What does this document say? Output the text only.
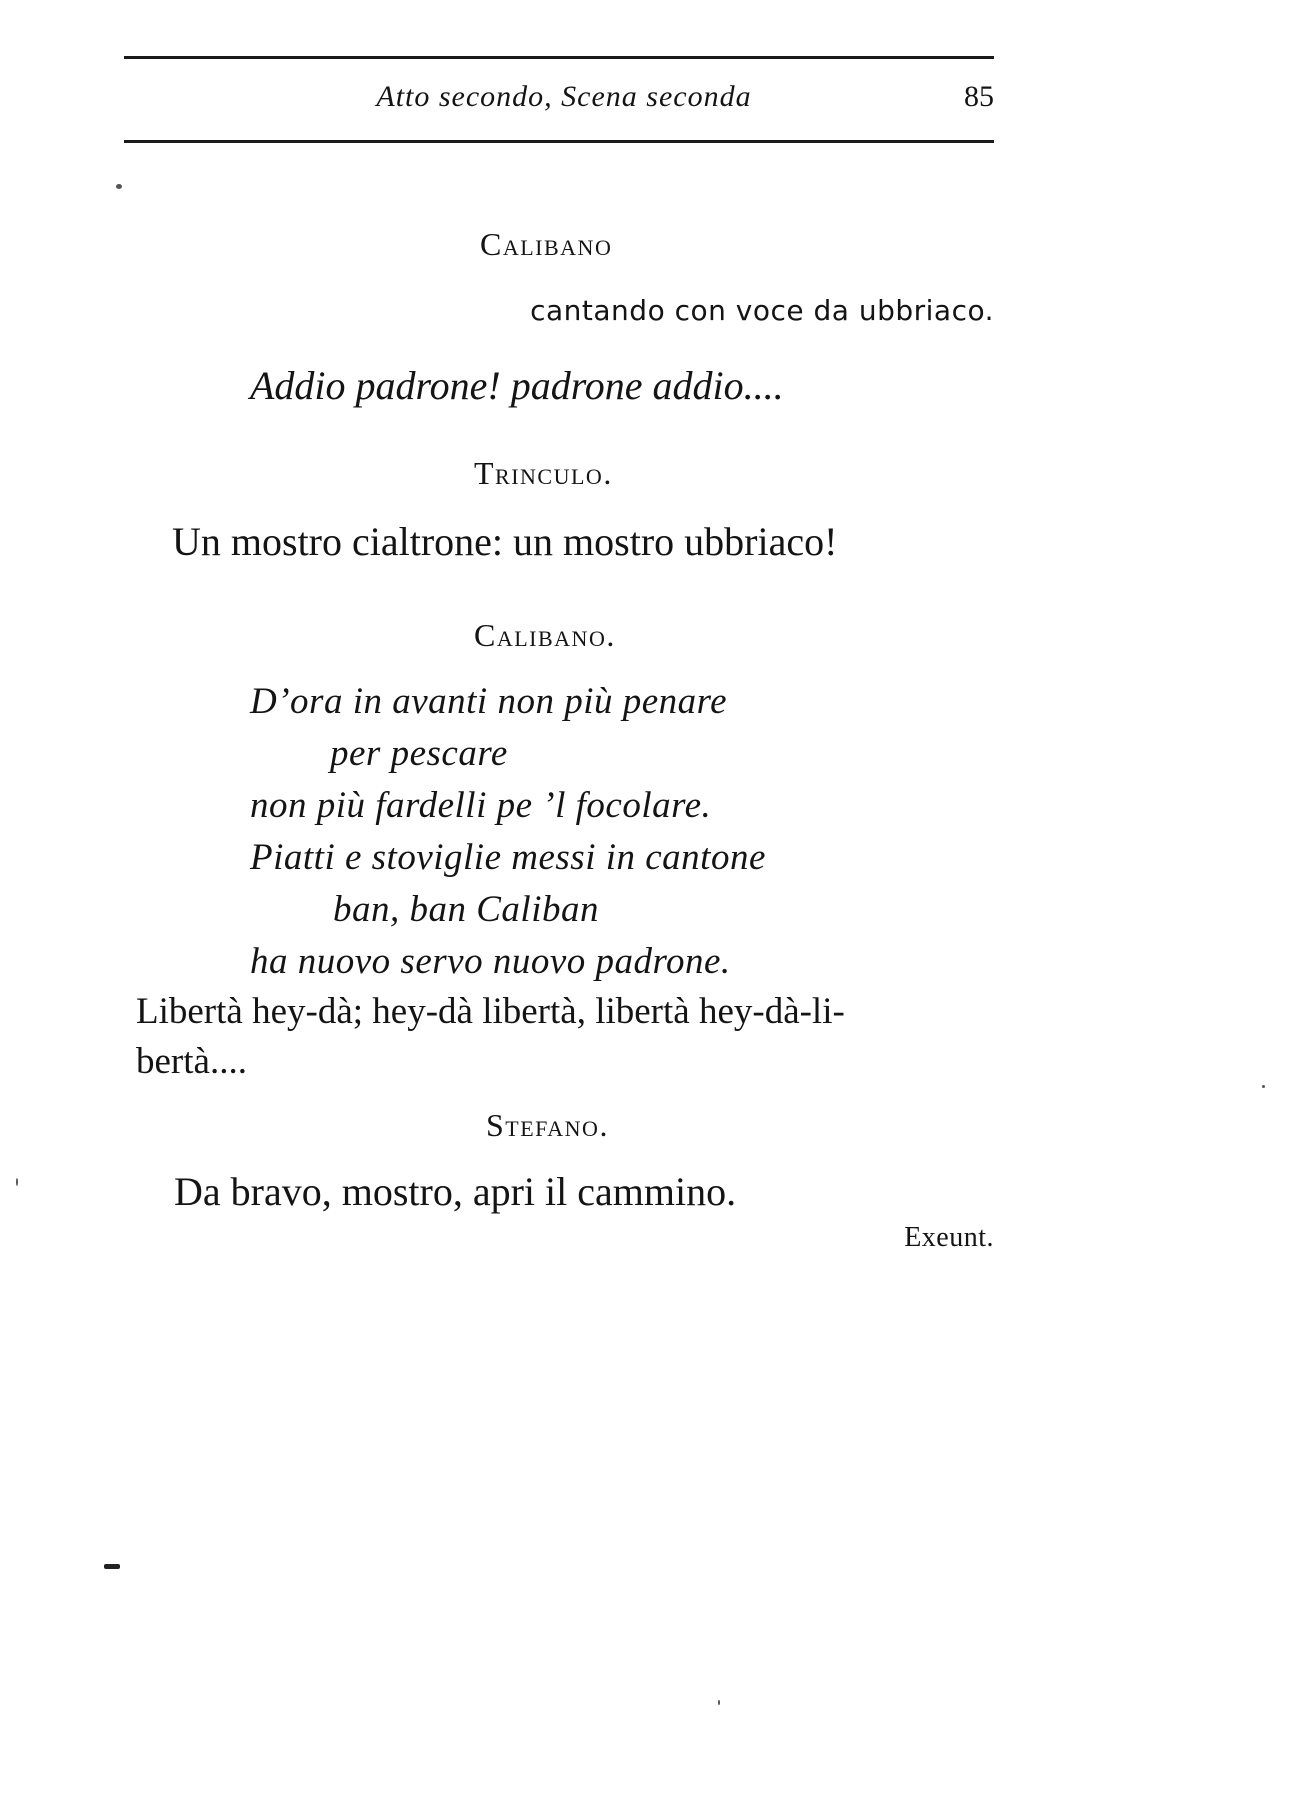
Atto secondo, Scena seconda	85
Calibano
cantando con voce da ubbriaco.
Addio padrone! padrone addio....
Trinculo.
Un mostro cialtrone: un mostro ubbriaco!
Calibano.
D’ora in avanti non più penare
per pescare
non più fardelli pe ’l focolare.
Piatti e stoviglie messi in cantone
ban, ban Caliban
ha nuovo servo nuovo padrone.
Libertà hey-dà; hey-dà libertà, libertà hey-dà-li-
bertà....
Stefano.
Da bravo, mostro, apri il cammino.
Exeunt.
